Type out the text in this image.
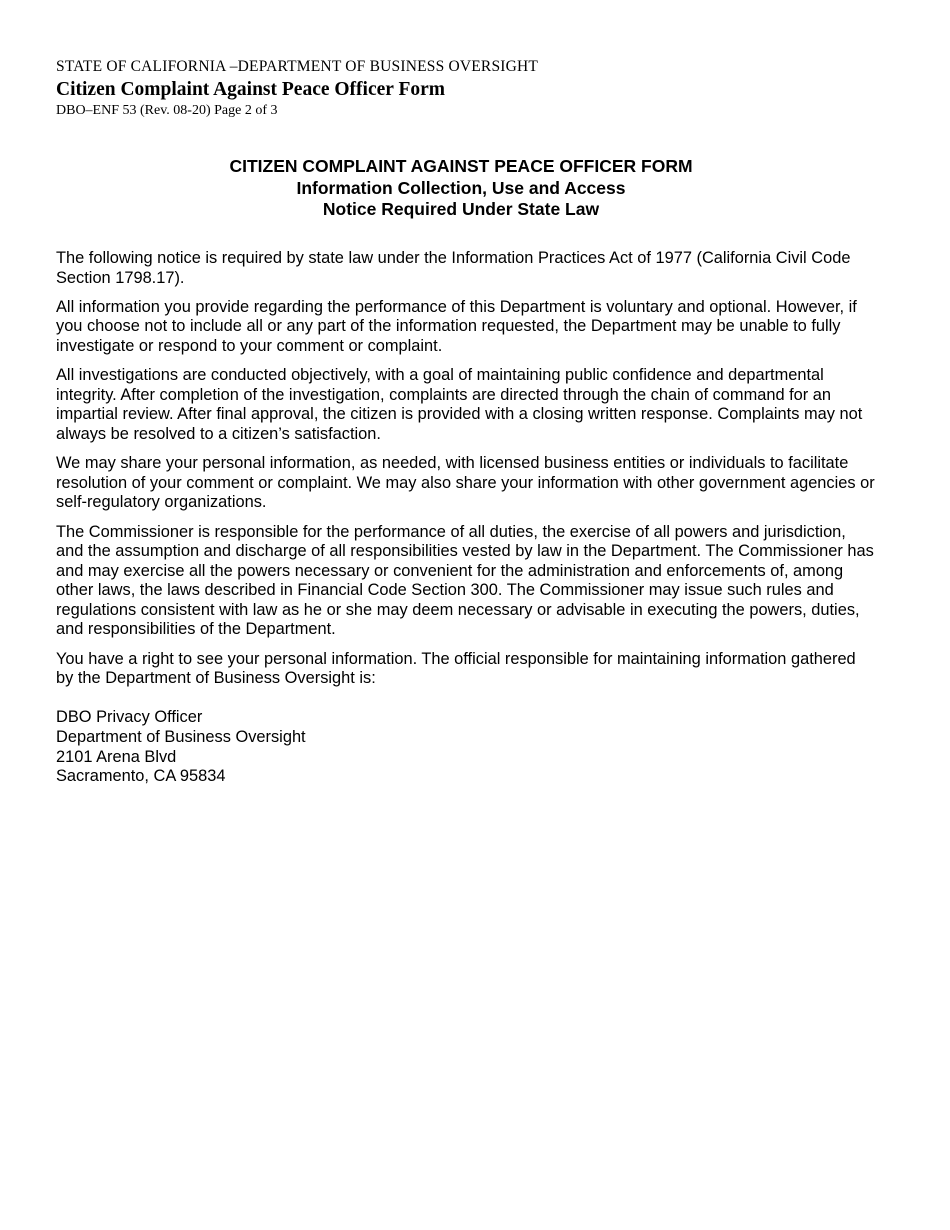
STATE OF CALIFORNIA –DEPARTMENT OF BUSINESS OVERSIGHT
Citizen Complaint Against Peace Officer Form
DBO–ENF 53 (Rev. 08-20) Page 2 of 3
CITIZEN COMPLAINT AGAINST PEACE OFFICER FORM
Information Collection, Use and Access
Notice Required Under State Law

The following notice is required by state law under the Information Practices Act of 1977 (California Civil Code Section 1798.17).

All information you provide regarding the performance of this Department is voluntary and optional. However, if you choose not to include all or any part of the information requested, the Department may be unable to fully investigate or respond to your comment or complaint.

All investigations are conducted objectively, with a goal of maintaining public confidence and departmental integrity. After completion of the investigation, complaints are directed through the chain of command for an impartial review. After final approval, the citizen is provided with a closing written response. Complaints may not always be resolved to a citizen’s satisfaction.

We may share your personal information, as needed, with licensed business entities or individuals to facilitate resolution of your comment or complaint. We may also share your information with other government agencies or self-regulatory organizations.

The Commissioner is responsible for the performance of all duties, the exercise of all powers and jurisdiction, and the assumption and discharge of all responsibilities vested by law in the Department. The Commissioner has and may exercise all the powers necessary or convenient for the administration and enforcements of, among other laws, the laws described in Financial Code Section 300. The Commissioner may issue such rules and regulations consistent with law as he or she may deem necessary or advisable in executing the powers, duties, and responsibilities of the Department.

You have a right to see your personal information. The official responsible for maintaining information gathered by the Department of Business Oversight is:

DBO Privacy Officer
Department of Business Oversight
2101 Arena Blvd
Sacramento, CA 95834
